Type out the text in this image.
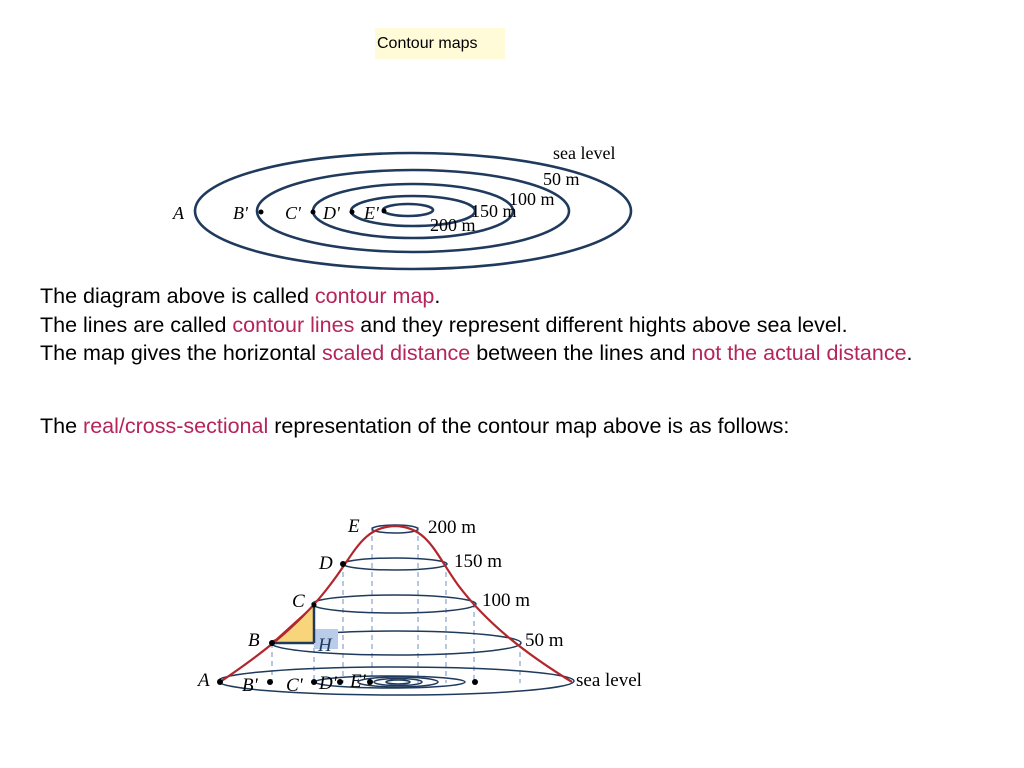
Contour maps
sea level
50 m
100 m
150 m
200 m
A	B' C' D' E'

The diagram above is called contour map.
The lines are called contour lines and they represent different hights above sea level.
The map gives the horizontal scaled distance between the lines and not the actual distance.

The real/cross-sectional representation of the contour map above is as follows:

E
D
C
B	H
A
200 m
150 m
100 m
50 m
sea level
B' C' D' E'
